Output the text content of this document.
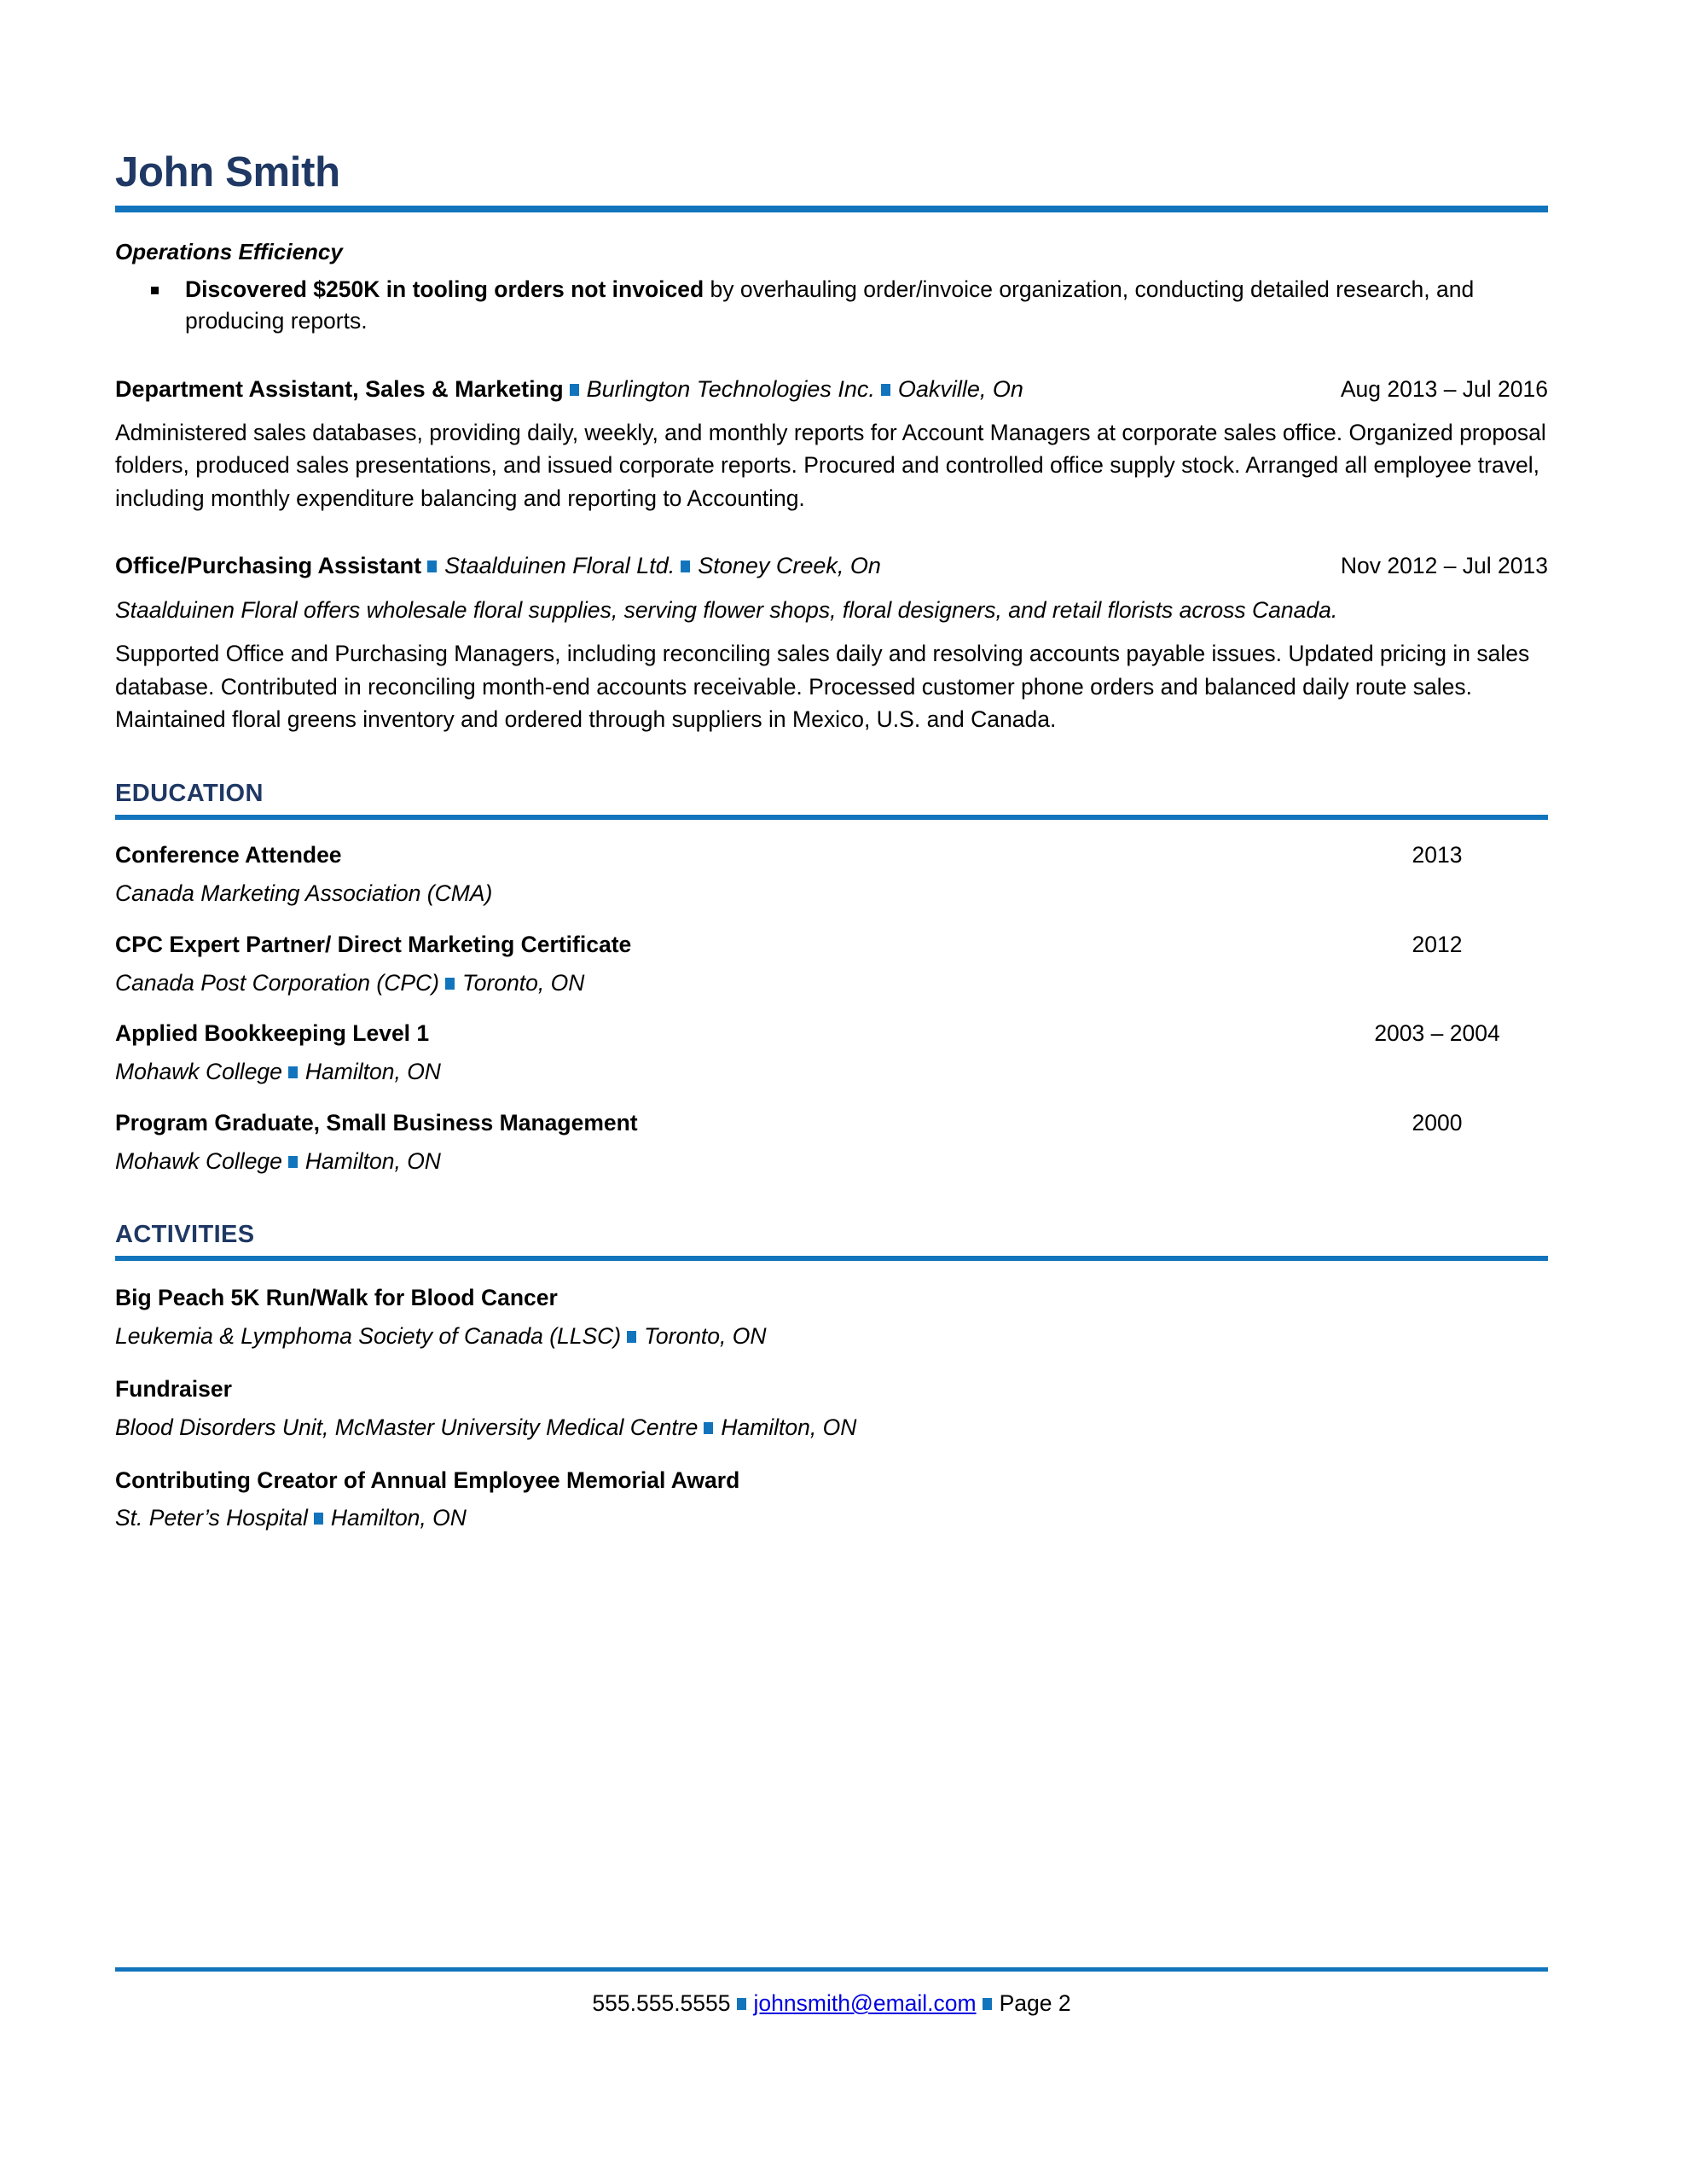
John Smith
Operations Efficiency
Discovered $250K in tooling orders not invoiced by overhauling order/invoice organization, conducting detailed research, and producing reports.
Department Assistant, Sales & Marketing Burlington Technologies Inc. Oakville, On	Aug 2013 – Jul 2016
Administered sales databases, providing daily, weekly, and monthly reports for Account Managers at corporate sales office. Organized proposal folders, produced sales presentations, and issued corporate reports. Procured and controlled office supply stock. Arranged all employee travel, including monthly expenditure balancing and reporting to Accounting.
Office/Purchasing Assistant Staalduinen Floral Ltd. Stoney Creek, On	Nov 2012 – Jul 2013
Staalduinen Floral offers wholesale floral supplies, serving flower shops, floral designers, and retail florists across Canada.
Supported Office and Purchasing Managers, including reconciling sales daily and resolving accounts payable issues. Updated pricing in sales database. Contributed in reconciling month-end accounts receivable. Processed customer phone orders and balanced daily route sales. Maintained floral greens inventory and ordered through suppliers in Mexico, U.S. and Canada.
EDUCATION
Conference Attendee	2013
Canada Marketing Association (CMA)
CPC Expert Partner/ Direct Marketing Certificate	2012
Canada Post Corporation (CPC) Toronto, ON
Applied Bookkeeping Level 1	2003 – 2004
Mohawk College Hamilton, ON
Program Graduate, Small Business Management	2000
Mohawk College Hamilton, ON
ACTIVITIES
Big Peach 5K Run/Walk for Blood Cancer
Leukemia & Lymphoma Society of Canada (LLSC) Toronto, ON
Fundraiser
Blood Disorders Unit, McMaster University Medical Centre Hamilton, ON
Contributing Creator of Annual Employee Memorial Award
St. Peter’s Hospital Hamilton, ON
555.555.5555 johnsmith@email.com Page 2
